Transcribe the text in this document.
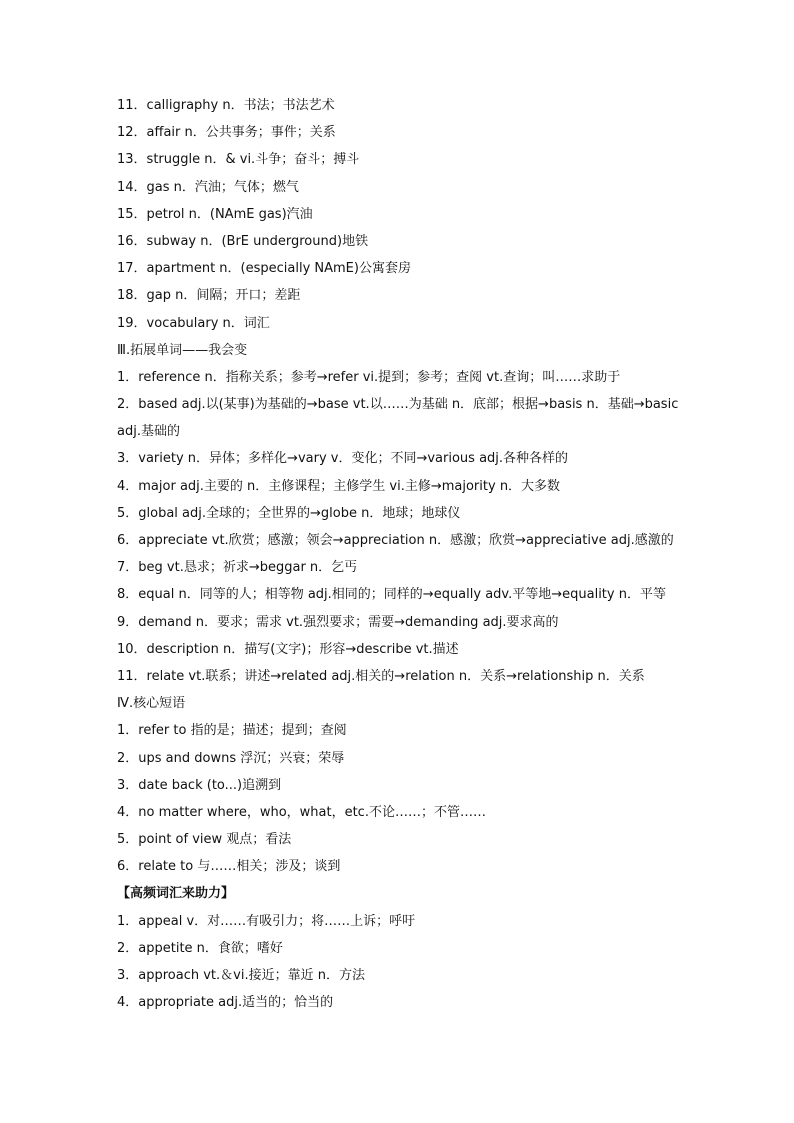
11．calligraphy n．书法；书法艺术
12．affair n．公共事务；事件；关系
13．struggle n．& vi.斗争；奋斗；搏斗
14．gas n．汽油；气体；燃气
15．petrol n．(NAmE gas)汽油
16．subway n．(BrE underground)地铁
17．apartment n．(especially NAmE)公寓套房
18．gap n．间隔；开口；差距
19．vocabulary n．词汇
Ⅲ.拓展单词——我会变
1．reference n．指称关系；参考→refer vi.提到；参考；查阅 vt.查询；叫……求助于
2．based adj.以(某事)为基础的→base vt.以……为基础 n．底部；根据→basis n．基础→basic
adj.基础的
3．variety n．异体；多样化→vary v．变化；不同→various adj.各种各样的
4．major adj.主要的 n．主修课程；主修学生 vi.主修→majority n．大多数
5．global adj.全球的；全世界的→globe n．地球；地球仪
6．appreciate vt.欣赏；感激；领会→appreciation n．感激；欣赏→appreciative adj.感激的
7．beg vt.恳求；祈求→beggar n．乞丐
8．equal n．同等的人；相等物 adj.相同的；同样的→equally adv.平等地→equality n．平等
9．demand n．要求；需求 vt.强烈要求；需要→demanding adj.要求高的
10．description n．描写(文字)；形容→describe vt.描述
11．relate vt.联系；讲述→related adj.相关的→relation n．关系→relationship n．关系
Ⅳ.核心短语
1．refer to 指的是；描述；提到；查阅
2．ups and downs 浮沉；兴衰；荣辱
3．date back (to...)追溯到
4．no matter where，who，what，etc.不论……；不管……
5．point of view 观点；看法
6．relate to 与……相关；涉及；谈到
【高频词汇来助力】
1．appeal v．对……有吸引力；将……上诉；呼吁
2．appetite n．食欲；嗜好
3．approach vt.＆vi.接近；靠近 n．方法
4．appropriate adj.适当的；恰当的
